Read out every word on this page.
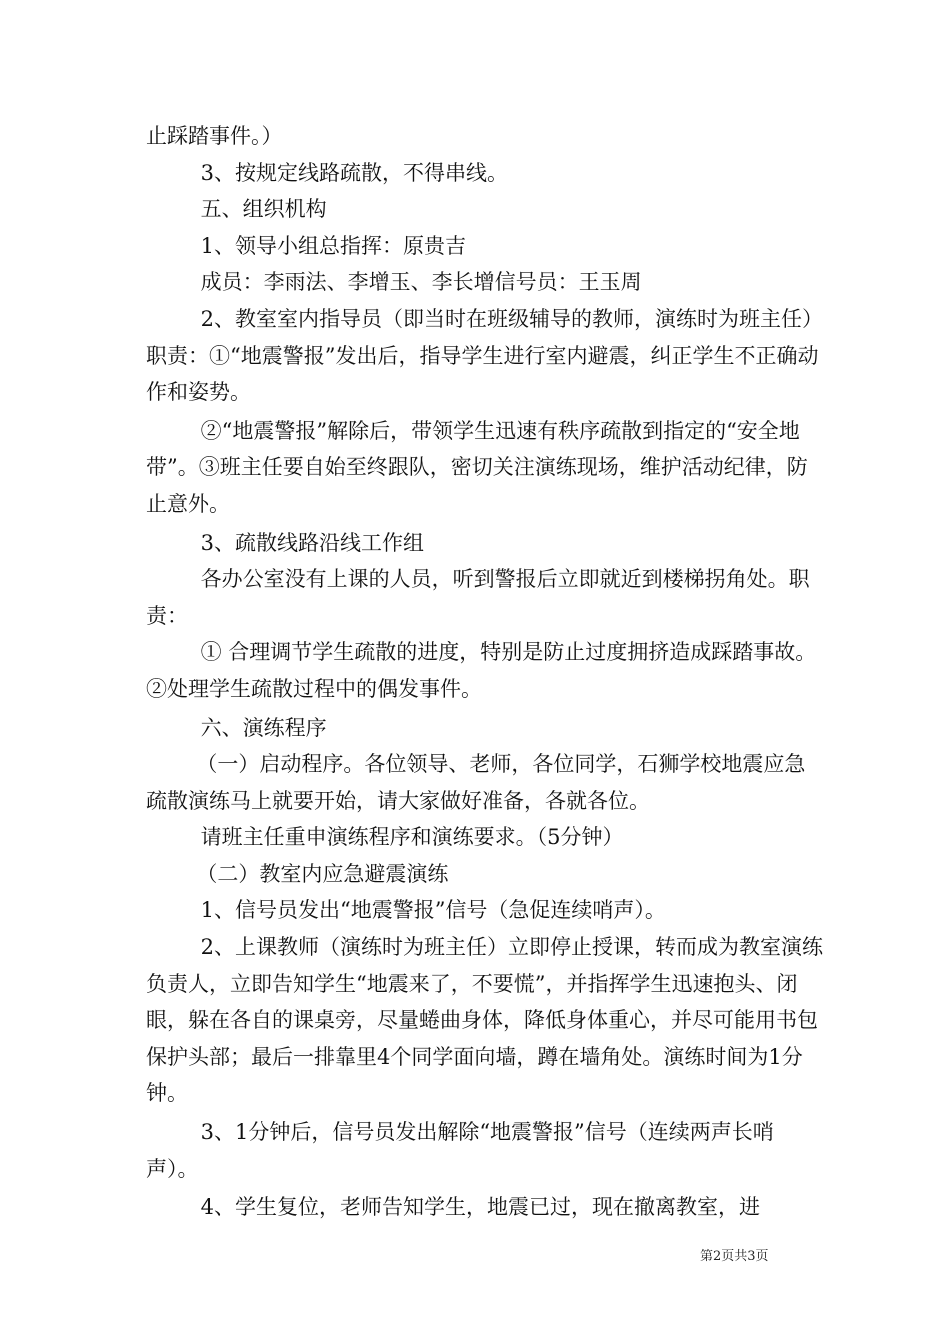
止踩踏事件。）

3、按规定线路疏散，不得串线。

五、组织机构

1、领导小组总指挥：原贵吉

成员：李雨法、李增玉、李长增信号员：王玉周

2、教室室内指导员（即当时在班级辅导的教师，演练时为班主任）职责：①“地震警报”发出后，指导学生进行室内避震，纠正学生不正确动作和姿势。

②“地震警报”解除后，带领学生迅速有秩序疏散到指定的“安全地带”。③班主任要自始至终跟队，密切关注演练现场，维护活动纪律，防止意外。

3、疏散线路沿线工作组

各办公室没有上课的人员，听到警报后立即就近到楼梯拐角处。职责：

① 合理调节学生疏散的进度，特别是防止过度拥挤造成踩踏事故。②处理学生疏散过程中的偶发事件。

六、演练程序

（一）启动程序。各位领导、老师，各位同学，石狮学校地震应急疏散演练马上就要开始，请大家做好准备，各就各位。

请班主任重申演练程序和演练要求。（5分钟）

（二）教室内应急避震演练

1、信号员发出“地震警报”信号（急促连续哨声）。

2、上课教师（演练时为班主任）立即停止授课，转而成为教室演练负责人，立即告知学生“地震来了，不要慌”，并指挥学生迅速抱头、闭眼，躲在各自的课桌旁，尽量蜷曲身体，降低身体重心，并尽可能用书包保护头部；最后一排靠里4个同学面向墙，蹲在墙角处。演练时间为1分钟。

3、1分钟后，信号员发出解除“地震警报”信号（连续两声长哨声）。

4、学生复位，老师告知学生，地震已过，现在撤离教室，进

第2页共3页
